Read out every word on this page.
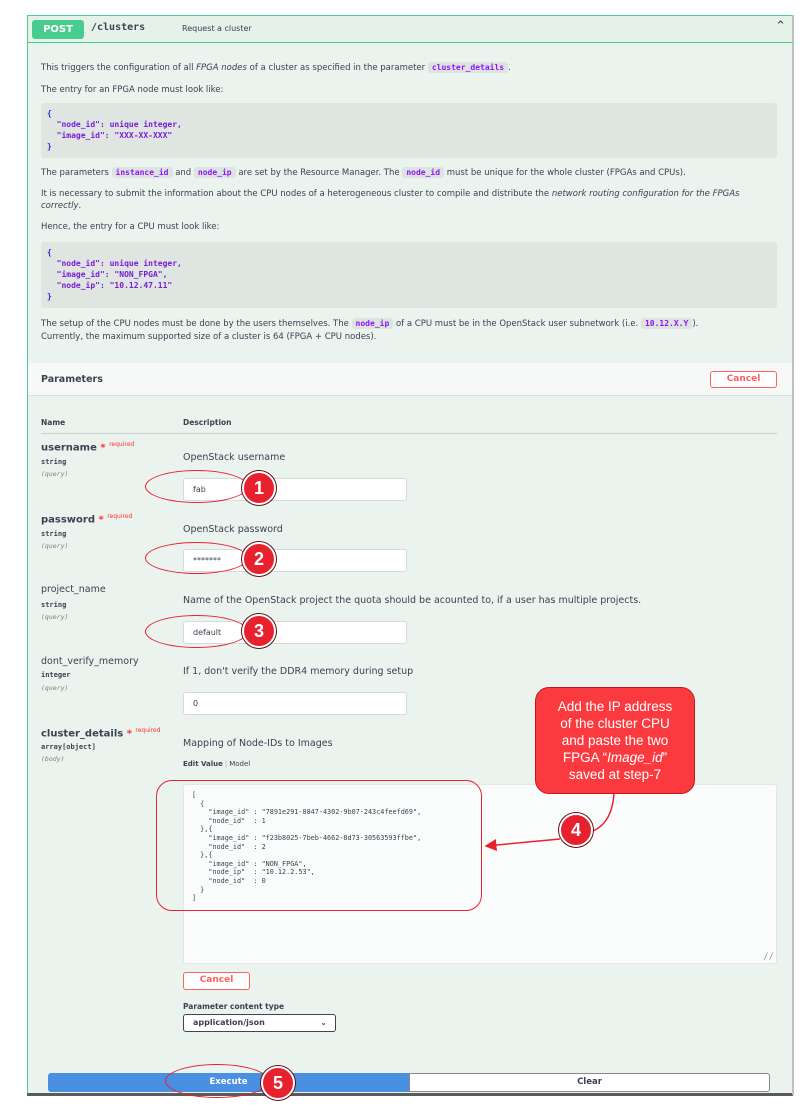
POST	/clusters	Request a cluster	⌃
This triggers the configuration of all FPGA nodes of a cluster as specified in the parameter cluster_details .
The entry for an FPGA node must look like:
{
"node_id": unique integer,
"image_id": "XXX-XX-XXX"
}
The parameters instance_id and node_ip are set by the Resource Manager. The node_id must be unique for the whole cluster (FPGAs and CPUs).
It is necessary to submit the information about the CPU nodes of a heterogeneous cluster to compile and distribute the network routing configuration for the FPGAs correctly.
Hence, the entry for a CPU must look like:
{
"node_id": unique integer,
"image_id": "NON_FPGA",
"node_ip": "10.12.47.11"
}
The setup of the CPU nodes must be done by the users themselves. The node_ip of a CPU must be in the OpenStack user subnetwork (i.e. 10.12.X.Y ).
Currently, the maximum supported size of a cluster is 64 (FPGA + CPU nodes).
Parameters	Cancel
Name	Description
username * $^{required}$
string
(query)
OpenStack username
fab
password * $^{required}$
string
(query)
OpenStack password
*******
project_name
string
(query)
Name of the OpenStack project the quota should be acounted to, if a user has multiple projects.
default
dont_verify_memory
integer
(query)
If 1, don't verify the DDR4 memory during setup
0
cluster_details * $^{required}$
array[object]
(body)
Mapping of Node-IDs to Images
Edit Value | Model
[
{
"image_id" : "7891e291-8847-4302-9b07-243c4feefd69",
"node_id"  : 1
},{
"image_id" : "f23b8025-7beb-4662-8d73-30563593ffbe",
"node_id"  : 2
},{
"image_id" : "NON_FPGA",
"node_ip"  : "10.12.2.53",
"node_id"  : 0
}
]
∕∕
Cancel
Parameter content type
application/json	⌄
Execute	Clear
1
2
3
4
5
Add the IP address
of the cluster CPU
and paste the two
FPGA “Image_id”
saved at step-7
